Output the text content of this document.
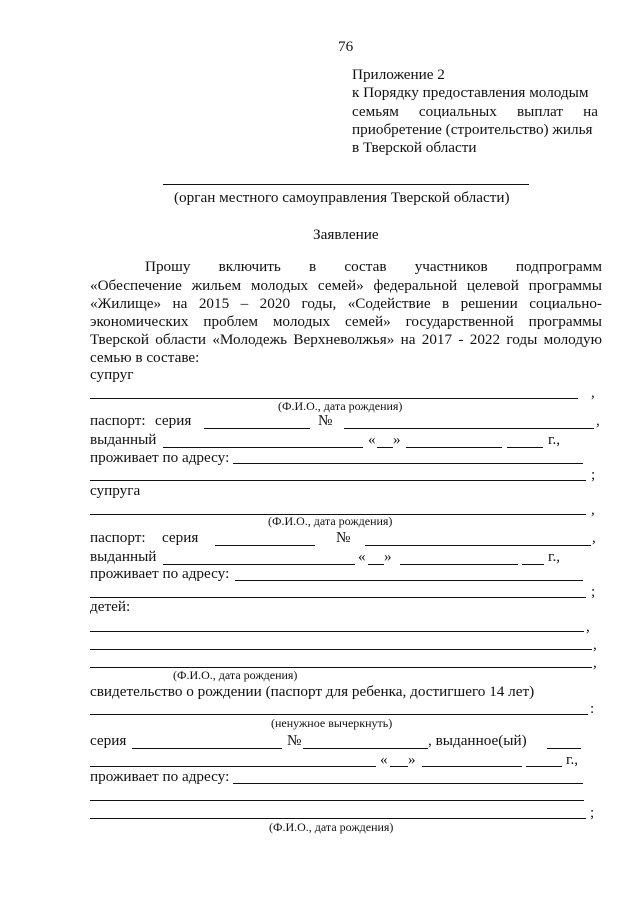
76
Приложение 2
к Порядку предоставления молодым
семьям социальных выплат на
приобретение (строительство) жилья
в Тверской области
(орган местного самоуправления Тверской области)
Заявление
Прошу включить в состав участников подпрограмм
«Обеспечение жильем молодых семей» федеральной целевой программы
«Жилище» на 2015 – 2020 годы, «Содействие в решении социально-
экономических проблем молодых семей» государственной программы
Тверской области «Молодежь Верхневолжья» на 2017 - 2022 годы молодую
семью в составе:
супруг
,
(Ф.И.О., дата рождения)
паспорт: серия	№	,
выданный	« »	г.,
проживает по адресу:
;
супруга
,
(Ф.И.О., дата рождения)
паспорт: серия	№	,
выданный	« »	г.,
проживает по адресу:
;
детей:
,
,
,
(Ф.И.О., дата рождения)
свидетельство о рождении (паспорт для ребенка, достигшего 14 лет)
:
(ненужное вычеркнуть)
серия	№	, выданное(ый)
« »	г.,
проживает по адресу:
;
(Ф.И.О., дата рождения)
